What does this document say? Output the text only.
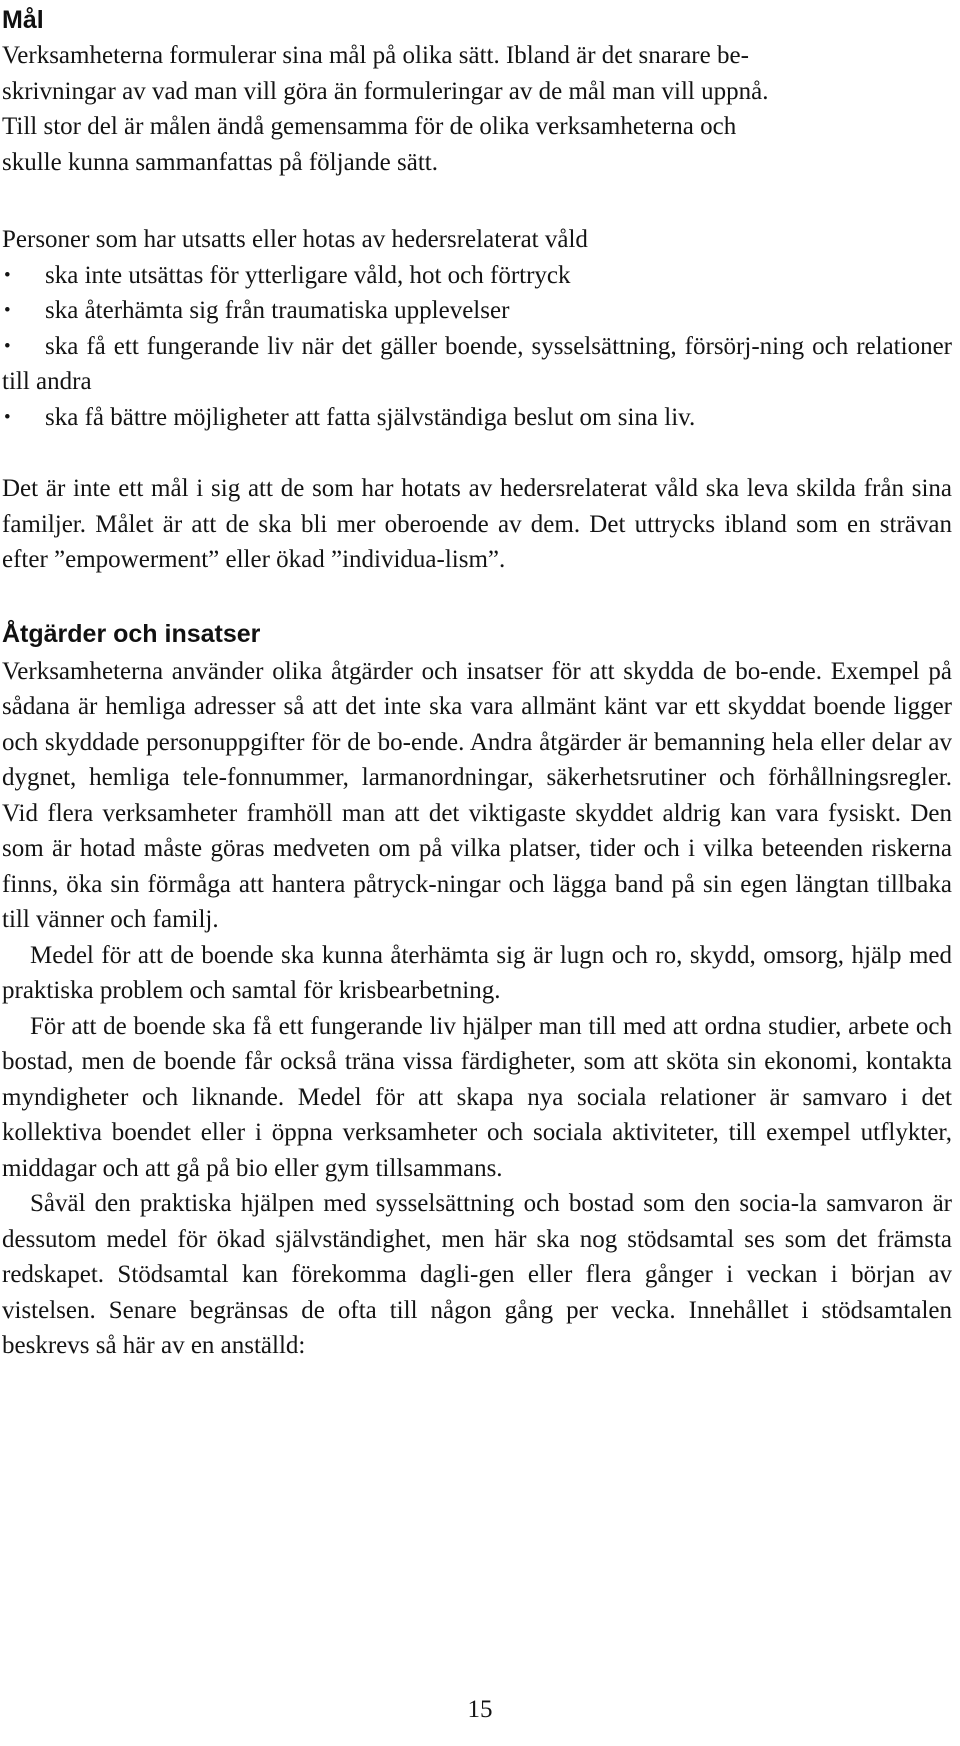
Mål

Verksamheterna formulerar sina mål på olika sätt. Ibland är det snarare be-
skrivningar av vad man vill göra än formuleringar av de mål man vill uppnå.
Till stor del är målen ändå gemensamma för de olika verksamheterna och
skulle kunna sammanfattas på följande sätt.

Personer som har utsatts eller hotas av hedersrelaterat våld

• ska inte utsättas för ytterligare våld, hot och förtryck
• ska återhämta sig från traumatiska upplevelser
• ska få ett fungerande liv när det gäller boende, sysselsättning, försörj-ning och relationer till andra
• ska få bättre möjligheter att fatta självständiga beslut om sina liv.

Det är inte ett mål i sig att de som har hotats av hedersrelaterat våld ska leva skilda från sina familjer. Målet är att de ska bli mer oberoende av dem. Det uttrycks ibland som en strävan efter ”empowerment” eller ökad ”individua-lism”.

Åtgärder och insatser

Verksamheterna använder olika åtgärder och insatser för att skydda de bo-ende. Exempel på sådana är hemliga adresser så att det inte ska vara allmänt känt var ett skyddat boende ligger och skyddade personuppgifter för de bo-ende. Andra åtgärder är bemanning hela eller delar av dygnet, hemliga tele-fonnummer, larmanordningar, säkerhetsrutiner och förhållningsregler. Vid flera verksamheter framhöll man att det viktigaste skyddet aldrig kan vara fysiskt. Den som är hotad måste göras medveten om på vilka platser, tider och i vilka beteenden riskerna finns, öka sin förmåga att hantera påtryck-ningar och lägga band på sin egen längtan tillbaka till vänner och familj.

Medel för att de boende ska kunna återhämta sig är lugn och ro, skydd, omsorg, hjälp med praktiska problem och samtal för krisbearbetning.

För att de boende ska få ett fungerande liv hjälper man till med att ordna studier, arbete och bostad, men de boende får också träna vissa färdigheter, som att sköta sin ekonomi, kontakta myndigheter och liknande. Medel för att skapa nya sociala relationer är samvaro i det kollektiva boendet eller i öppna verksamheter och sociala aktiviteter, till exempel utflykter, middagar och att gå på bio eller gym tillsammans.

Såväl den praktiska hjälpen med sysselsättning och bostad som den socia-la samvaron är dessutom medel för ökad självständighet, men här ska nog stödsamtal ses som det främsta redskapet. Stödsamtal kan förekomma dagli-gen eller flera gånger i veckan i början av vistelsen. Senare begränsas de ofta till någon gång per vecka. Innehållet i stödsamtalen beskrevs så här av en anställd:

15
